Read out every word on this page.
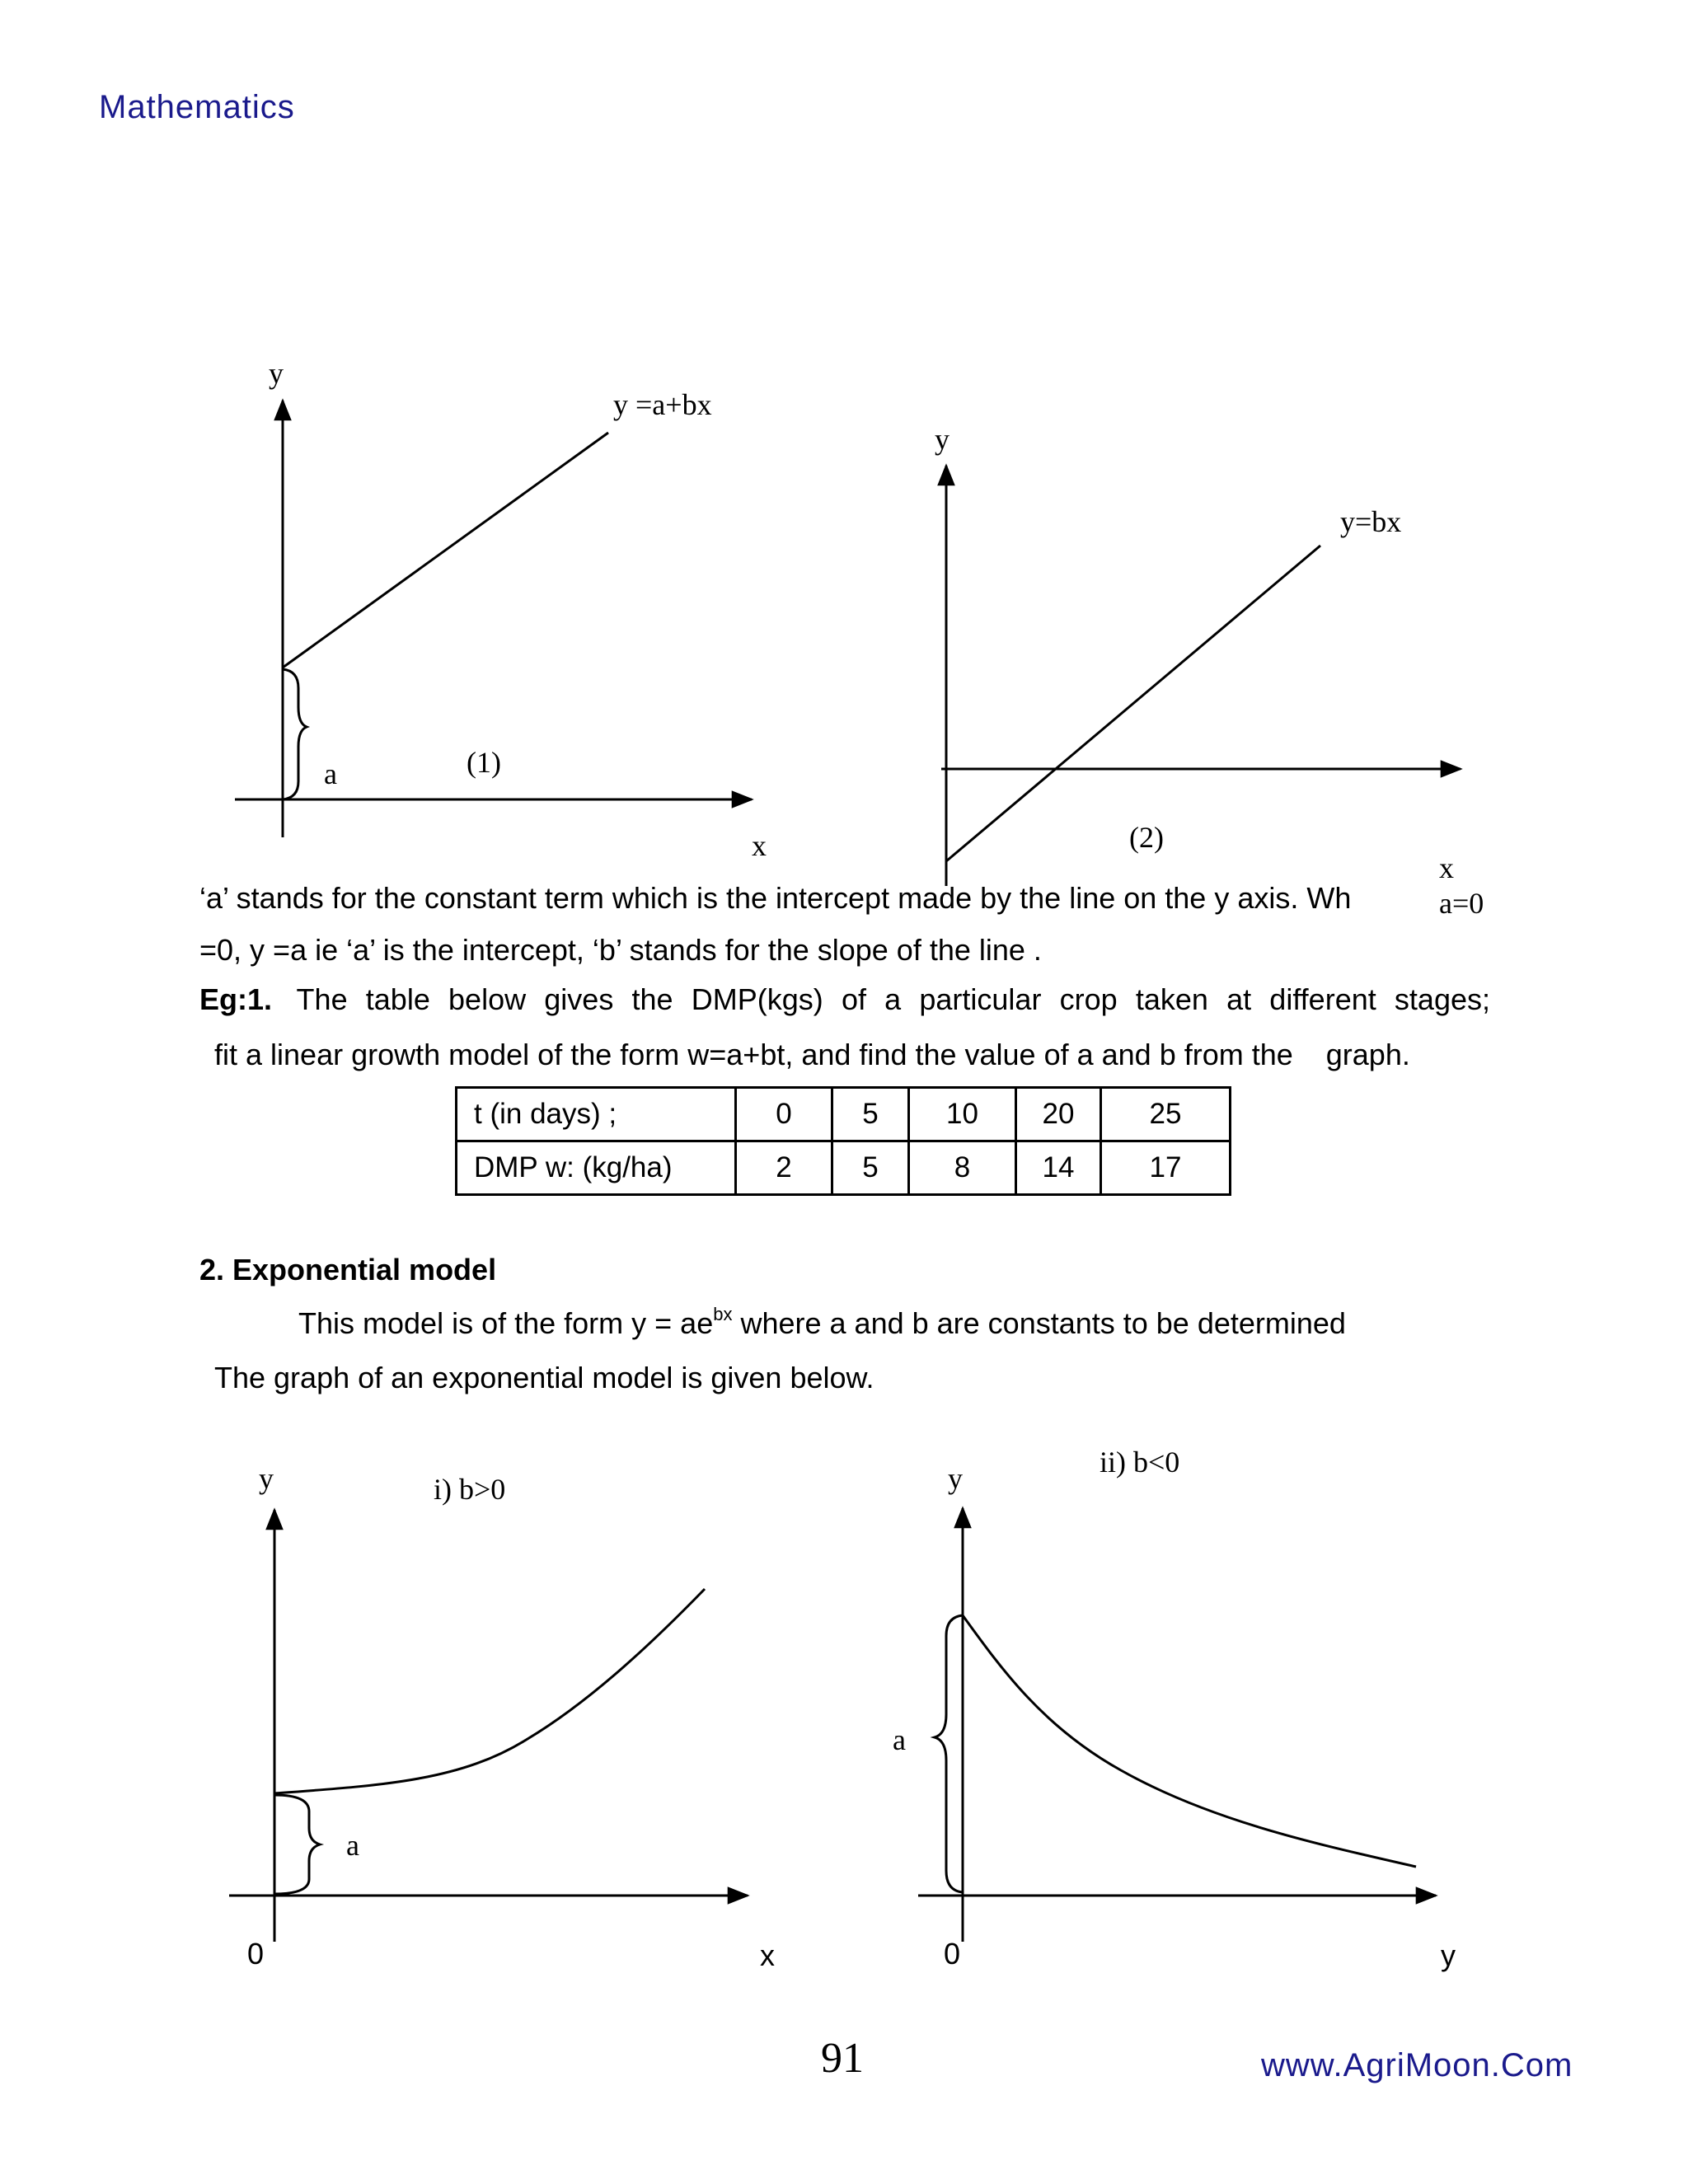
Mathematics
y
y =a+bx
a	(1)
x
y
y=bx
(2)
x
a=0
‘a’ stands for the constant term which is the intercept made by the line on the y axis. Wh
=0, y =a ie ‘a’ is the intercept, ‘b’ stands for the slope of the line .
Eg:1. The table below gives the DMP(kgs) of a particular crop taken at different stages;
fit a linear growth model of the form w=a+bt, and find the value of a and b from the    graph.
t (in days) ;	0	5	10	20	25
DMP w: (kg/ha)	2	5	8	14	17
2. Exponential model
This model is of the form $y = ae^{bx}$ where a and b are constants to be determined
The graph of an exponential model is given below.
y	i) b>0
a
0	x
y	ii) b<0
a
0	y
91	www.AgriMoon.Com
